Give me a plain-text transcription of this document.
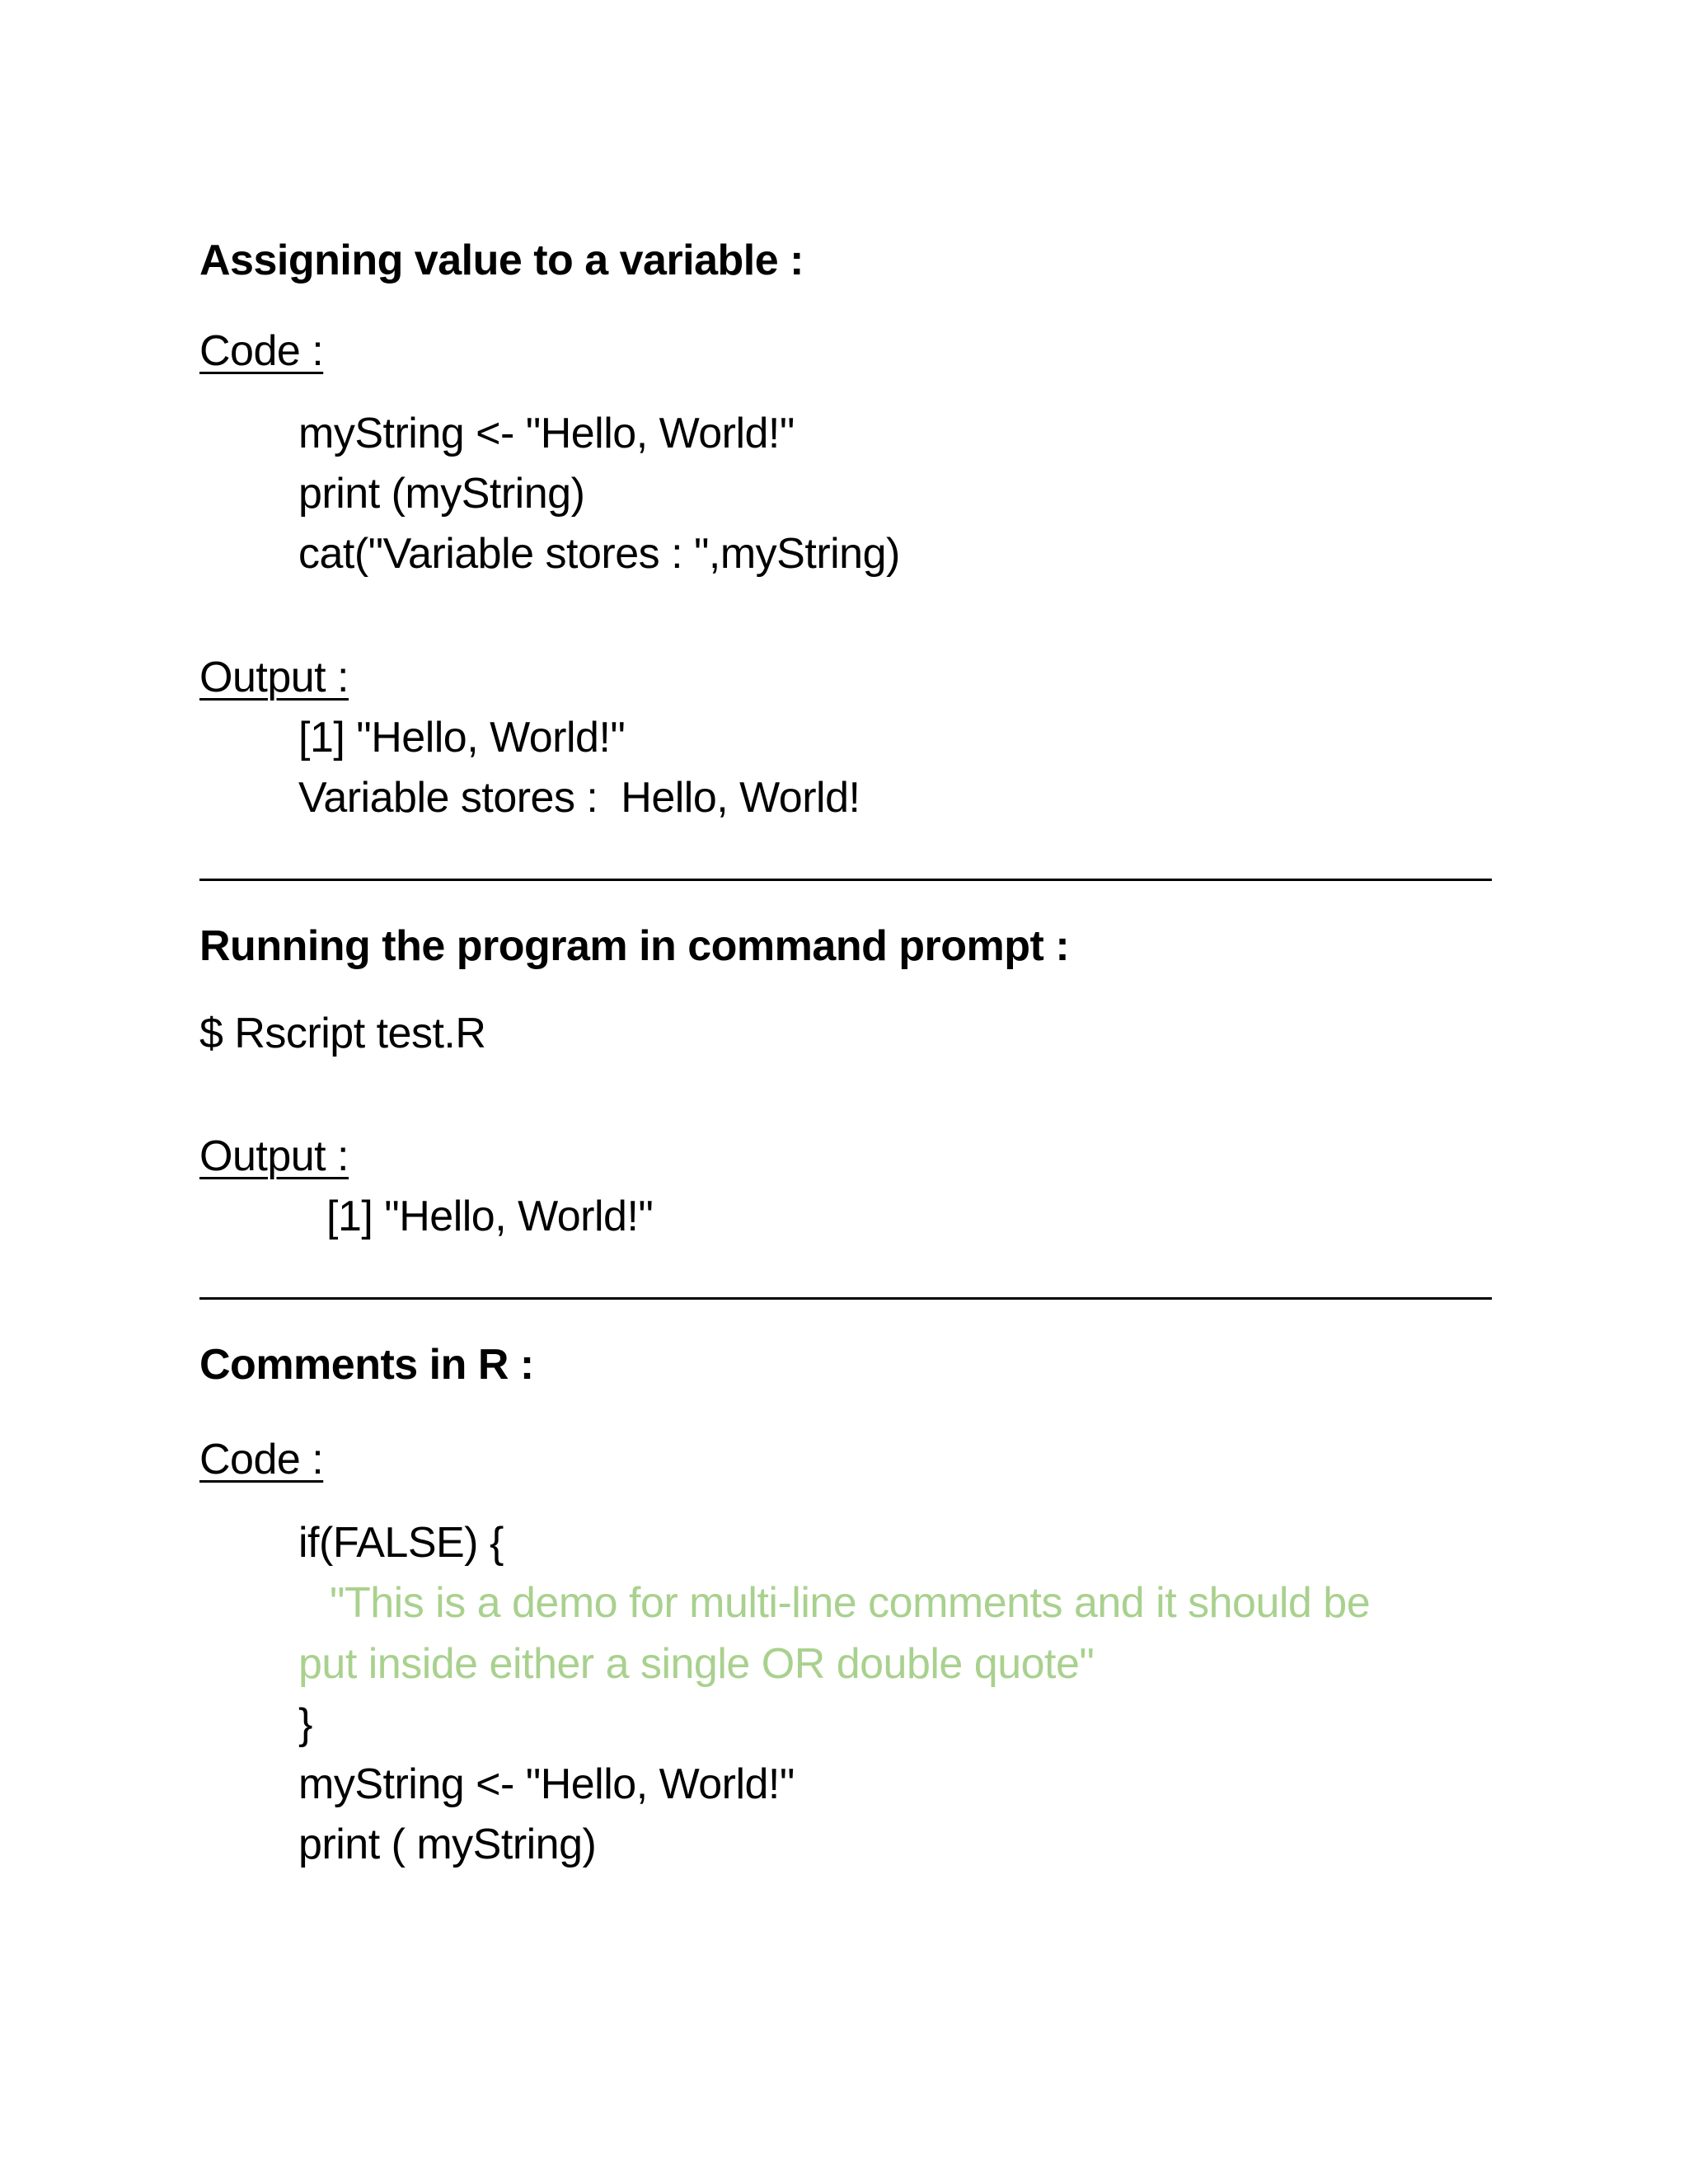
Assigning value to a variable :
Code :
myString <- "Hello, World!"
print (myString)
cat("Variable stores : ",myString)
Output :
[1] "Hello, World!"
Variable stores :  Hello, World!
Running the program in command prompt :
$ Rscript test.R
Output :
[1] "Hello, World!"
Comments in R :
Code :
if(FALSE) {
"This is a demo for multi-line comments and it should be
put inside either a single OR double quote"
}
myString <- "Hello, World!"
print ( myString)
